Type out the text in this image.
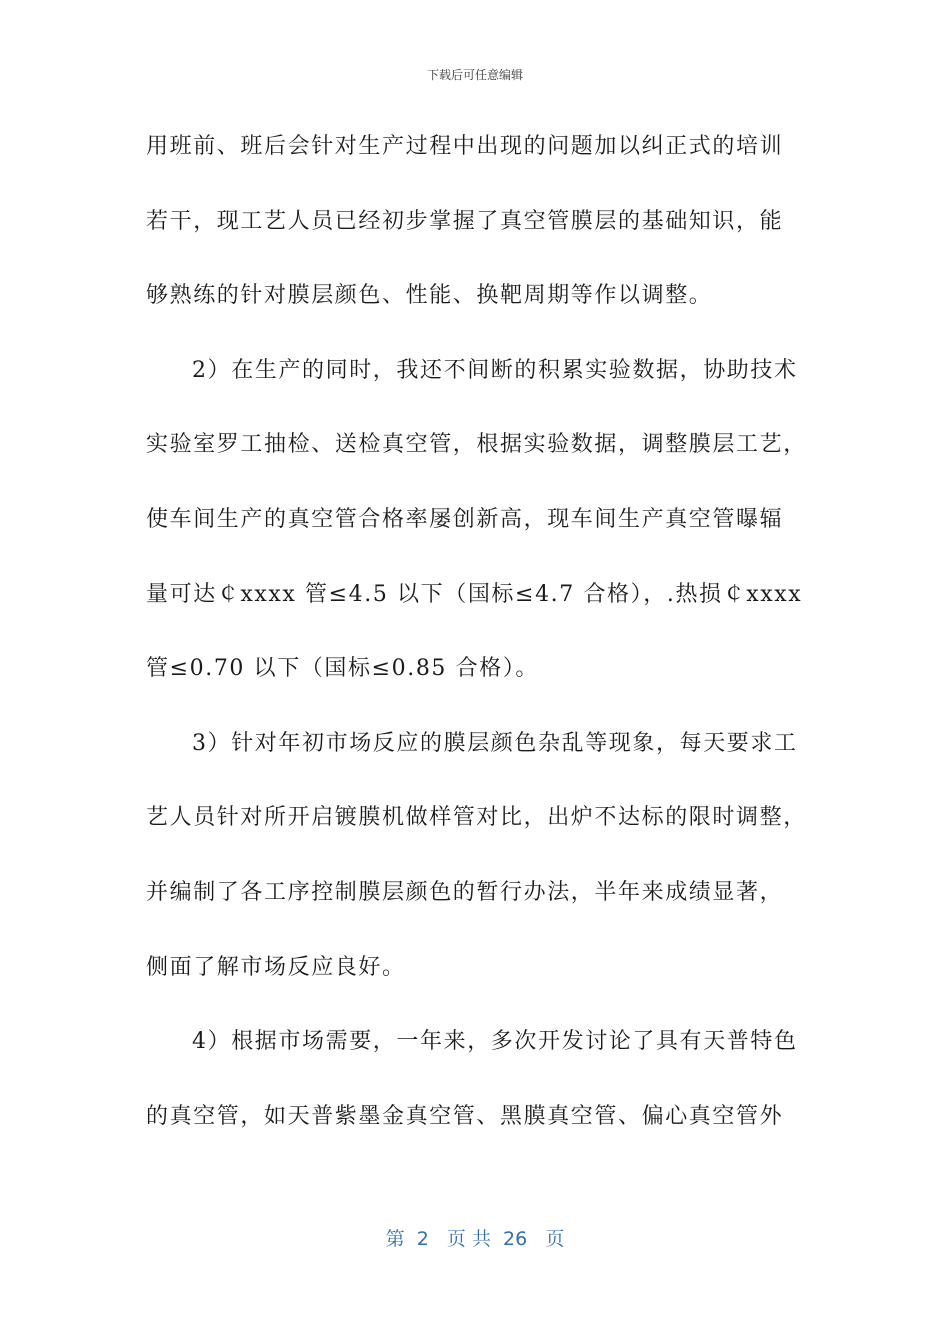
下载后可任意编辑
用班前、班后会针对生产过程中出现的问题加以纠正式的培训
若干，现工艺人员已经初步掌握了真空管膜层的基础知识，能
够熟练的针对膜层颜色、性能、换靶周期等作以调整。
2）在生产的同时，我还不间断的积累实验数据，协助技术
实验室罗工抽检、送检真空管，根据实验数据，调整膜层工艺，
使车间生产的真空管合格率屡创新高，现车间生产真空管曝辐
量可达￠xxxx 管≤4.5 以下（国标≤4.7 合格），.热损￠xxxx
管≤0.70 以下（国标≤0.85 合格）。
3）针对年初市场反应的膜层颜色杂乱等现象，每天要求工
艺人员针对所开启镀膜机做样管对比，出炉不达标的限时调整，
并编制了各工序控制膜层颜色的暂行办法，半年来成绩显著，
侧面了解市场反应良好。
4）根据市场需要，一年来，多次开发讨论了具有天普特色
的真空管，如天普紫墨金真空管、黑膜真空管、偏心真空管外
第  2   页 共  26   页
